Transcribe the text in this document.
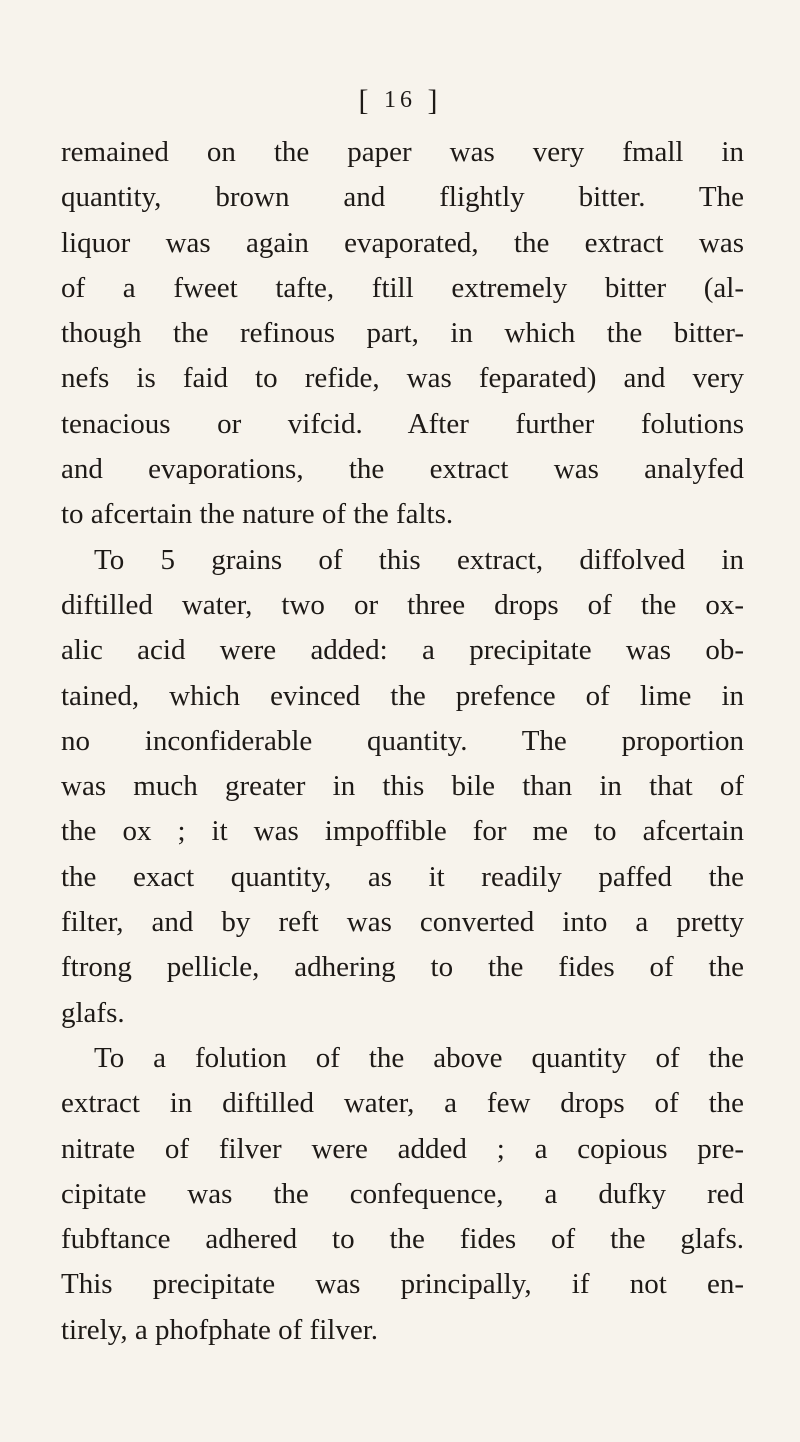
[ 16 ]
remained on the paper was very fmall in
quantity, brown and flightly bitter. The
liquor was again evaporated, the extract was
of a fweet tafte, ftill extremely bitter (al-
though the refinous part, in which the bitter-
nefs is faid to refide, was feparated) and very
tenacious or vifcid. After further folutions
and evaporations, the extract was analyfed
to afcertain the nature of the falts.
To 5 grains of this extract, diffolved in
diftilled water, two or three drops of the ox-
alic acid were added: a precipitate was ob-
tained, which evinced the prefence of lime in
no inconfiderable quantity. The proportion
was much greater in this bile than in that of
the ox ; it was impoffible for me to afcertain
the exact quantity, as it readily paffed the
filter, and by reft was converted into a pretty
ftrong pellicle, adhering to the fides of the
glafs.
To a folution of the above quantity of the
extract in diftilled water, a few drops of the
nitrate of filver were added ; a copious pre-
cipitate was the confequence, a dufky red
fubftance adhered to the fides of the glafs.
This precipitate was principally, if not en-
tirely, a phofphate of filver.
